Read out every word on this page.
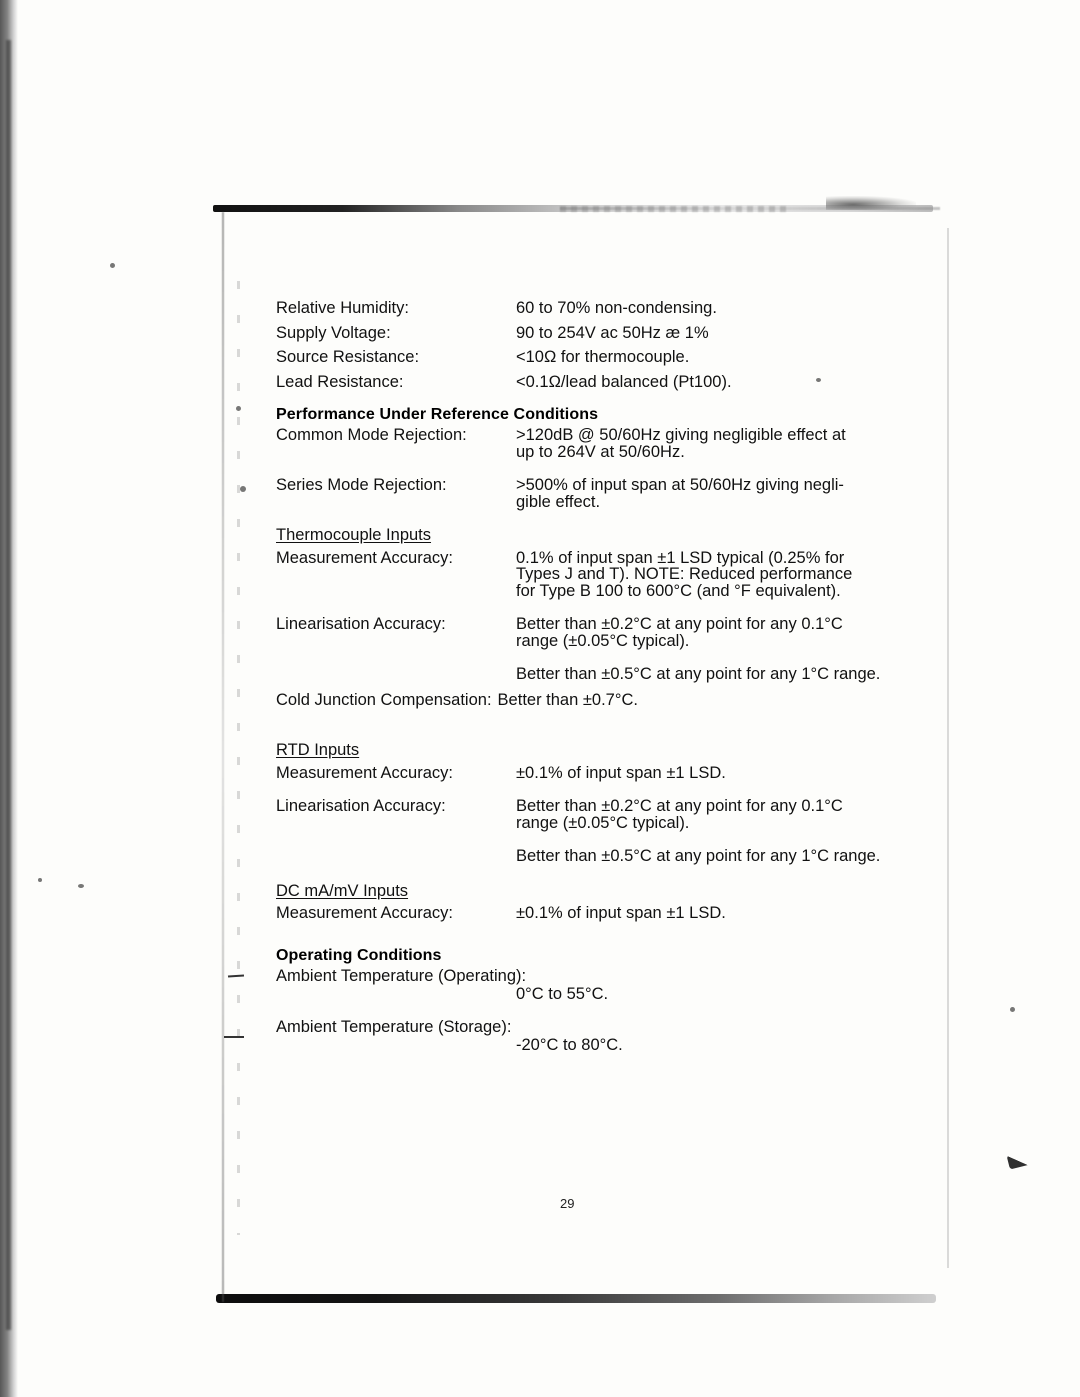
Relative Humidity:	60 to 70% non-condensing.
Supply Voltage:	90 to 254V ac 50Hz æ 1%
Source Resistance:	<10Ω for thermocouple.
Lead Resistance:	<0.1Ω/lead balanced (Pt100).
Performance Under Reference Conditions
Common Mode Rejection:	>120dB @ 50/60Hz giving negligible effect at
up to 264V at 50/60Hz.
Series Mode Rejection:	>500% of input span at 50/60Hz giving negli-
gible effect.
Thermocouple Inputs
Measurement Accuracy:	0.1% of input span ±1 LSD typical (0.25% for
Types J and T). NOTE: Reduced performance
for Type B 100 to 600°C (and °F equivalent).
Linearisation Accuracy:	Better than ±0.2°C at any point for any 0.1°C
range (±0.05°C typical).
Better than ±0.5°C at any point for any 1°C range.
Cold Junction Compensation: Better than ±0.7°C.
RTD Inputs
Measurement Accuracy:	±0.1% of input span ±1 LSD.
Linearisation Accuracy:	Better than ±0.2°C at any point for any 0.1°C
range (±0.05°C typical).
Better than ±0.5°C at any point for any 1°C range.
DC mA/mV Inputs
Measurement Accuracy:	±0.1% of input span ±1 LSD.
Operating Conditions
Ambient Temperature (Operating):

0°C to 55°C.
Ambient Temperature (Storage):

-20°C to 80°C.
29
